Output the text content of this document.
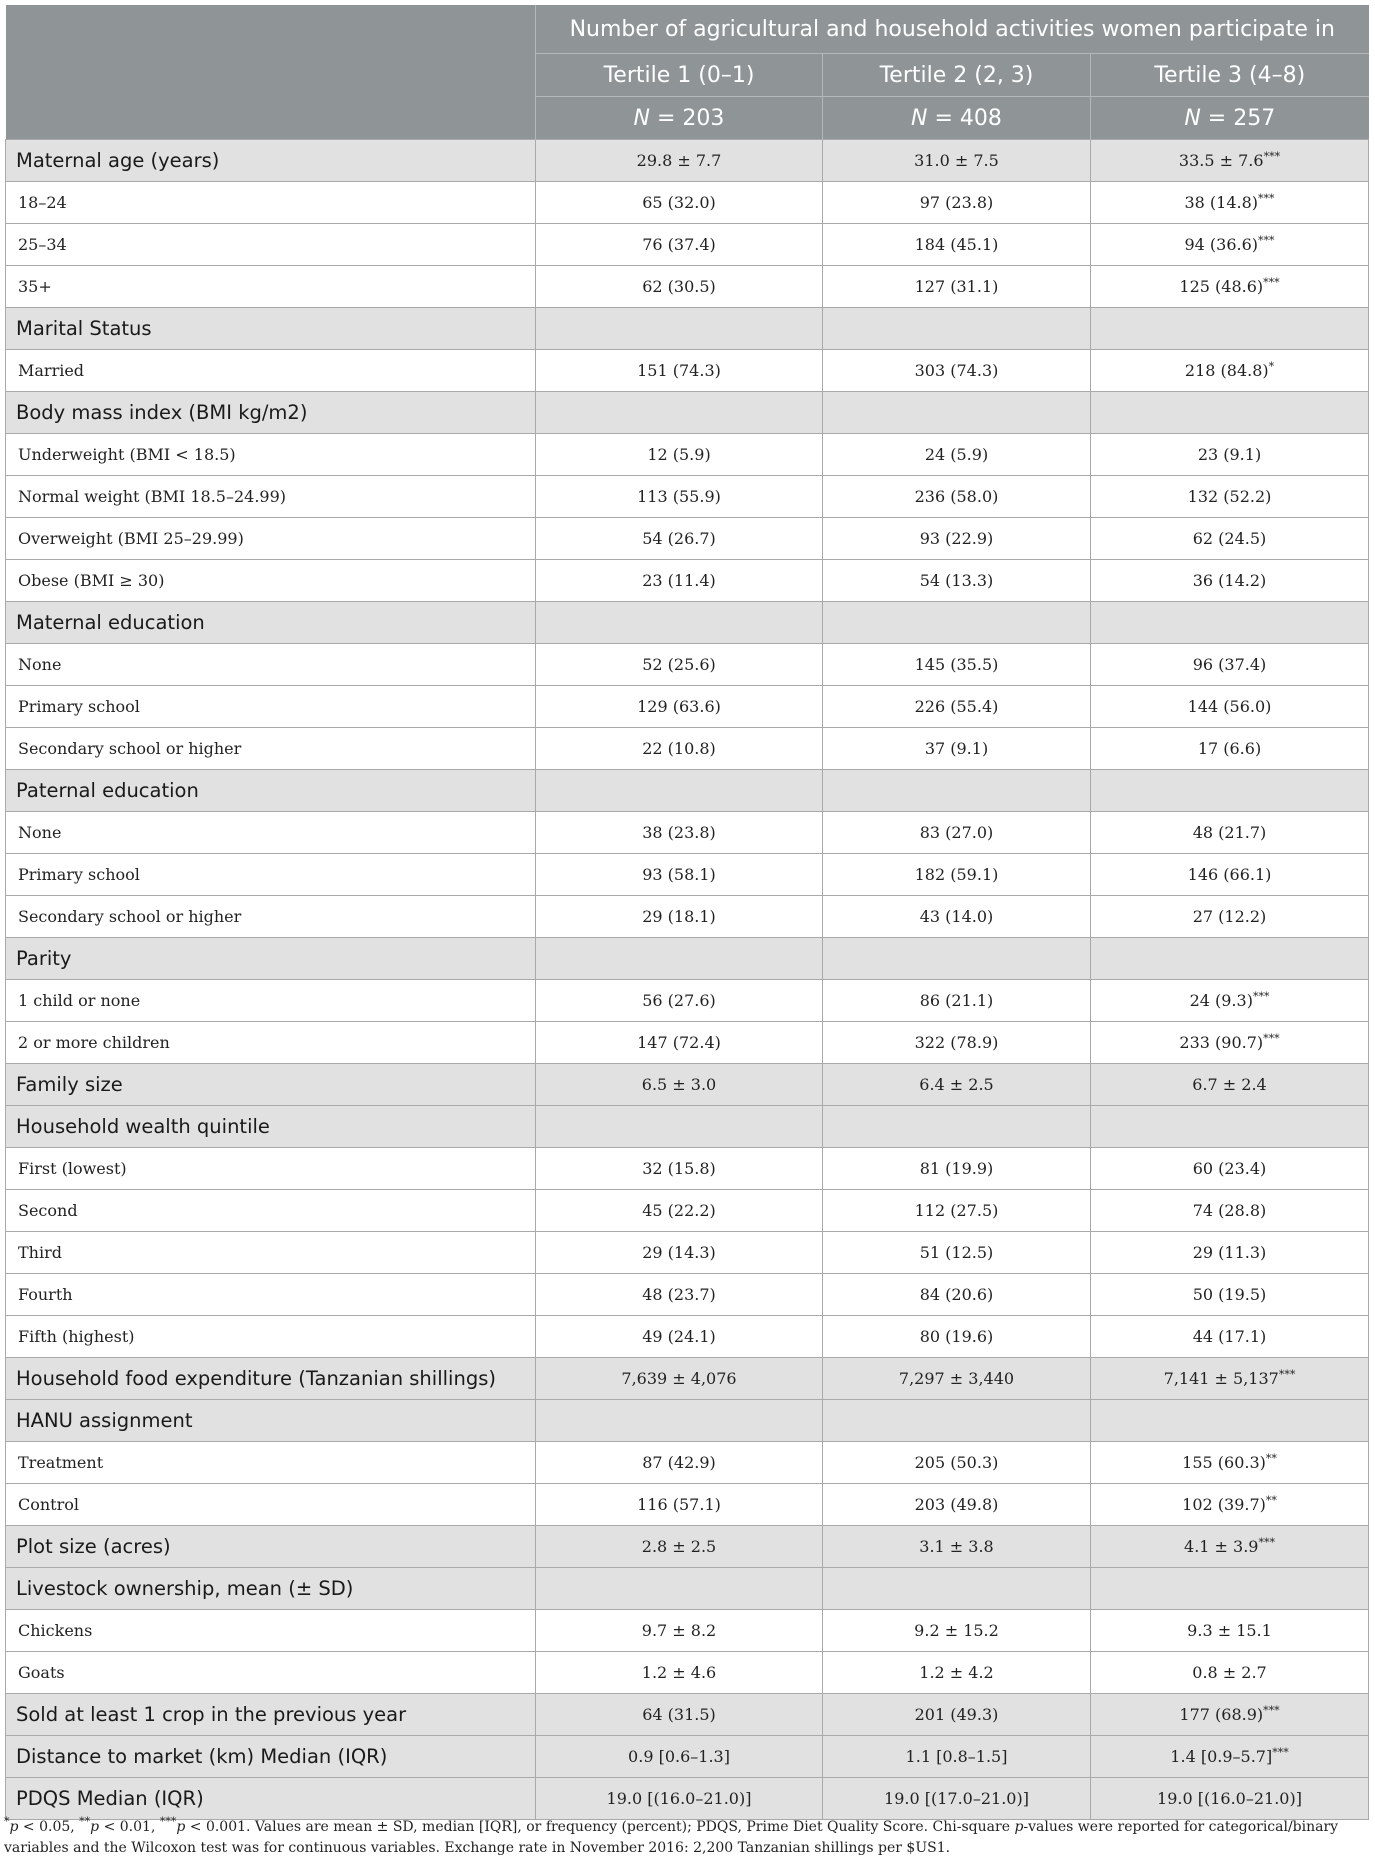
	Number of agricultural and household activities women participate in		
	Tertile 1 (0–1)	Tertile 2 (2, 3)	Tertile 3 (4–8)
	N = 203	N = 408	N = 257
Maternal age (years)	29.8 ± 7.7	31.0 ± 7.5	33.5 ± 7.6***
18–24	65 (32.0)	97 (23.8)	38 (14.8)***
25–34	76 (37.4)	184 (45.1)	94 (36.6)***
35+	62 (30.5)	127 (31.1)	125 (48.6)***
Marital Status			
Married	151 (74.3)	303 (74.3)	218 (84.8)*
Body mass index (BMI kg/m2)			
Underweight (BMI < 18.5)	12 (5.9)	24 (5.9)	23 (9.1)
Normal weight (BMI 18.5–24.99)	113 (55.9)	236 (58.0)	132 (52.2)
Overweight (BMI 25–29.99)	54 (26.7)	93 (22.9)	62 (24.5)
Obese (BMI ≥ 30)	23 (11.4)	54 (13.3)	36 (14.2)
Maternal education			
None	52 (25.6)	145 (35.5)	96 (37.4)
Primary school	129 (63.6)	226 (55.4)	144 (56.0)
Secondary school or higher	22 (10.8)	37 (9.1)	17 (6.6)
Paternal education			
None	38 (23.8)	83 (27.0)	48 (21.7)
Primary school	93 (58.1)	182 (59.1)	146 (66.1)
Secondary school or higher	29 (18.1)	43 (14.0)	27 (12.2)
Parity			
1 child or none	56 (27.6)	86 (21.1)	24 (9.3)***
2 or more children	147 (72.4)	322 (78.9)	233 (90.7)***
Family size	6.5 ± 3.0	6.4 ± 2.5	6.7 ± 2.4
Household wealth quintile			
First (lowest)	32 (15.8)	81 (19.9)	60 (23.4)
Second	45 (22.2)	112 (27.5)	74 (28.8)
Third	29 (14.3)	51 (12.5)	29 (11.3)
Fourth	48 (23.7)	84 (20.6)	50 (19.5)
Fifth (highest)	49 (24.1)	80 (19.6)	44 (17.1)
Household food expenditure (Tanzanian shillings)	7,639 ± 4,076	7,297 ± 3,440	7,141 ± 5,137***
HANU assignment			
Treatment	87 (42.9)	205 (50.3)	155 (60.3)**
Control	116 (57.1)	203 (49.8)	102 (39.7)**
Plot size (acres)	2.8 ± 2.5	3.1 ± 3.8	4.1 ± 3.9***
Livestock ownership, mean (± SD)			
Chickens	9.7 ± 8.2	9.2 ± 15.2	9.3 ± 15.1
Goats	1.2 ± 4.6	1.2 ± 4.2	0.8 ± 2.7
Sold at least 1 crop in the previous year	64 (31.5)	201 (49.3)	177 (68.9)***
Distance to market (km) Median (IQR)	0.9 [0.6–1.3]	1.1 [0.8–1.5]	1.4 [0.9–5.7]***
PDQS Median (IQR)	19.0 [(16.0–21.0)]	19.0 [(17.0–21.0)]	19.0 [(16.0–21.0)]
*p < 0.05, **p < 0.01, ***p < 0.001. Values are mean ± SD, median [IQR], or frequency (percent); PDQS, Prime Diet Quality Score. Chi-square p-values were reported for categorical/binary variables and the Wilcoxon test was for continuous variables. Exchange rate in November 2016: 2,200 Tanzanian shillings per $US1.
